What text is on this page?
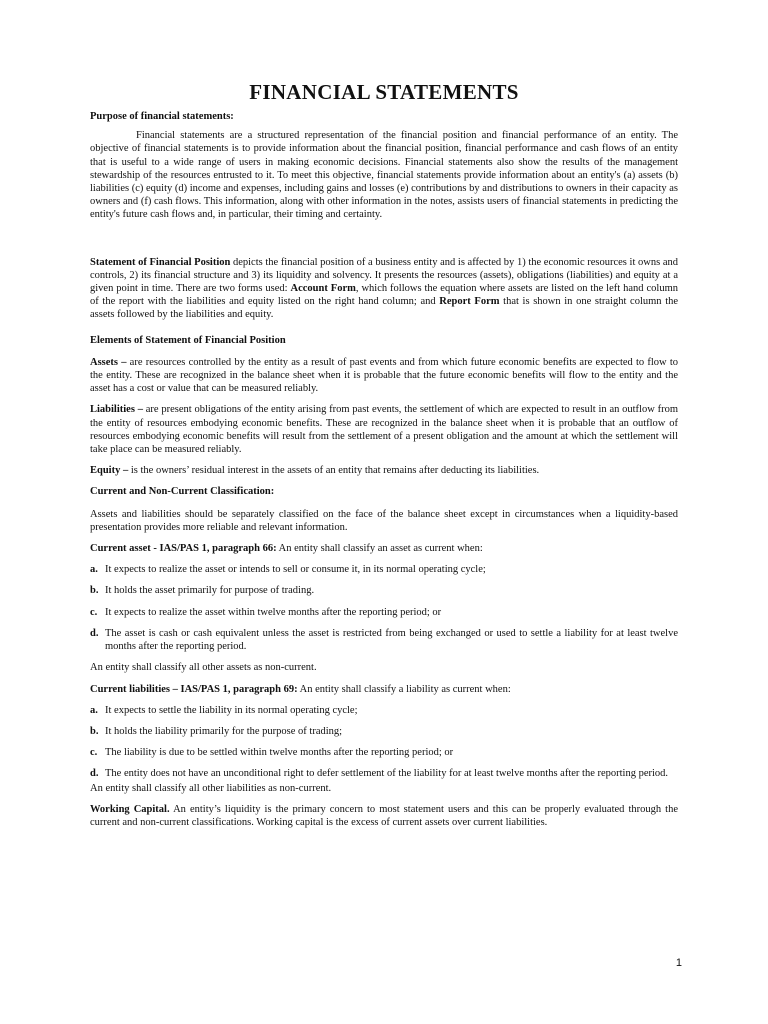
FINANCIAL STATEMENTS

Purpose of financial statements:

Financial statements are a structured representation of the financial position and financial performance of an entity. The objective of financial statements is to provide information about the financial position, financial performance and cash flows of an entity that is useful to a wide range of users in making economic decisions. Financial statements also show the results of the management stewardship of the resources entrusted to it. To meet this objective, financial statements provide information about an entity's (a) assets (b) liabilities (c) equity (d) income and expenses, including gains and losses (e) contributions by and distributions to owners in their capacity as owners and (f) cash flows. This information, along with other information in the notes, assists users of financial statements in predicting the entity's future cash flows and, in particular, their timing and certainty.

Statement of Financial Position depicts the financial position of a business entity and is affected by 1) the economic resources it owns and controls, 2) its financial structure and 3) its liquidity and solvency. It presents the resources (assets), obligations (liabilities) and equity at a given point in time. There are two forms used: Account Form, which follows the equation where assets are listed on the left hand column of the report with the liabilities and equity listed on the right hand column; and Report Form that is shown in one straight column the assets followed by the liabilities and equity.

Elements of Statement of Financial Position

Assets – are resources controlled by the entity as a result of past events and from which future economic benefits are expected to flow to the entity. These are recognized in the balance sheet when it is probable that the future economic benefits will flow to the entity and the asset has a cost or value that can be measured reliably.

Liabilities – are present obligations of the entity arising from past events, the settlement of which are expected to result in an outflow from the entity of resources embodying economic benefits. These are recognized in the balance sheet when it is probable that an outflow of resources embodying economic benefits will result from the settlement of a present obligation and the amount at which the settlement will take place can be measured reliably.

Equity – is the owners’ residual interest in the assets of an entity that remains after deducting its liabilities.

Current and Non-Current Classification:

Assets and liabilities should be separately classified on the face of the balance sheet except in circumstances when a liquidity-based presentation provides more reliable and relevant information.

Current asset - IAS/PAS 1, paragraph 66: An entity shall classify an asset as current when:

a. It expects to realize the asset or intends to sell or consume it, in its normal operating cycle;
b. It holds the asset primarily for purpose of trading.
c. It expects to realize the asset within twelve months after the reporting period; or
d. The asset is cash or cash equivalent unless the asset is restricted from being exchanged or used to settle a liability for at least twelve months after the reporting period.

An entity shall classify all other assets as non-current.

Current liabilities – IAS/PAS 1, paragraph 69: An entity shall classify a liability as current when:

a. It expects to settle the liability in its normal operating cycle;
b. It holds the liability primarily for the purpose of trading;
c. The liability is due to be settled within twelve months after the reporting period; or
d. The entity does not have an unconditional right to defer settlement of the liability for at least twelve months after the reporting period.

An entity shall classify all other liabilities as non-current.

Working Capital. An entity’s liquidity is the primary concern to most statement users and this can be properly evaluated through the current and non-current classifications. Working capital is the excess of current assets over current liabilities.

1
